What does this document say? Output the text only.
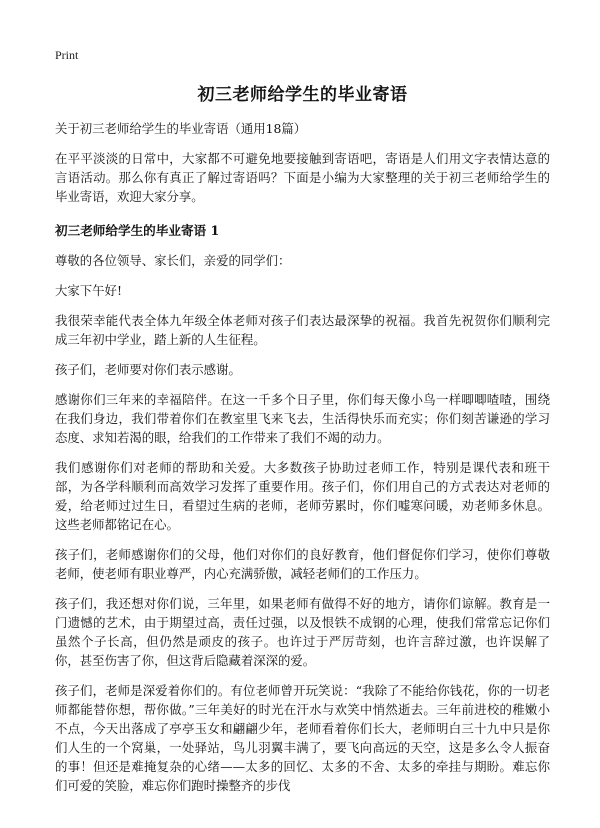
Print
初三老师给学生的毕业寄语
关于初三老师给学生的毕业寄语（通用18篇）
在平平淡淡的日常中，大家都不可避免地要接触到寄语吧，寄语是人们用文字表情达意的言语活动。那么你有真正了解过寄语吗？下面是小编为大家整理的关于初三老师给学生的毕业寄语，欢迎大家分享。
初三老师给学生的毕业寄语 1
尊敬的各位领导、家长们，亲爱的同学们：
大家下午好!
我很荣幸能代表全体九年级全体老师对孩子们表达最深挚的祝福。我首先祝贺你们顺利完成三年初中学业，踏上新的人生征程。
孩子们，老师要对你们表示感谢。
感谢你们三年来的幸福陪伴。在这一千多个日子里，你们每天像小鸟一样唧唧喳喳，围绕在我们身边，我们带着你们在教室里飞来飞去，生活得快乐而充实；你们刻苦谦逊的学习态度、求知若渴的眼，给我们的工作带来了我们不竭的动力。
我们感谢你们对老师的帮助和关爱。大多数孩子协助过老师工作，特别是课代表和班干部，为各学科顺利而高效学习发挥了重要作用。孩子们，你们用自己的方式表达对老师的爱，给老师过过生日，看望过生病的老师，老师劳累时，你们嘘寒问暖，劝老师多休息。这些老师都铭记在心。
孩子们，老师感谢你们的父母，他们对你们的良好教育，他们督促你们学习，使你们尊敬老师，使老师有职业尊严，内心充满骄傲，减轻老师们的工作压力。
孩子们，我还想对你们说，三年里，如果老师有做得不好的地方，请你们谅解。教育是一门遗憾的艺术，由于期望过高，责任过强，以及恨铁不成钢的心理，使我们常常忘记你们虽然个子长高，但仍然是顽皮的孩子。也许过于严厉苛刻，也许言辞过激，也许误解了你，甚至伤害了你，但这背后隐藏着深深的爱。
孩子们，老师是深爱着你们的。有位老师曾开玩笑说：“我除了不能给你钱花，你的一切老师都能替你想，帮你做。”三年美好的时光在汗水与欢笑中悄然逝去。三年前进校的稚嫩小不点，今天出落成了亭亭玉女和翩翩少年，老师看着你们长大，老师明白三十九中只是你们人生的一个窝巢，一处驿站，鸟儿羽翼丰满了，要飞向高远的天空，这是多么令人振奋的事！但还是难掩复杂的心绪——太多的回忆、太多的不舍、太多的牵挂与期盼。难忘你们可爱的笑脸，难忘你们跑时操整齐的步伐
